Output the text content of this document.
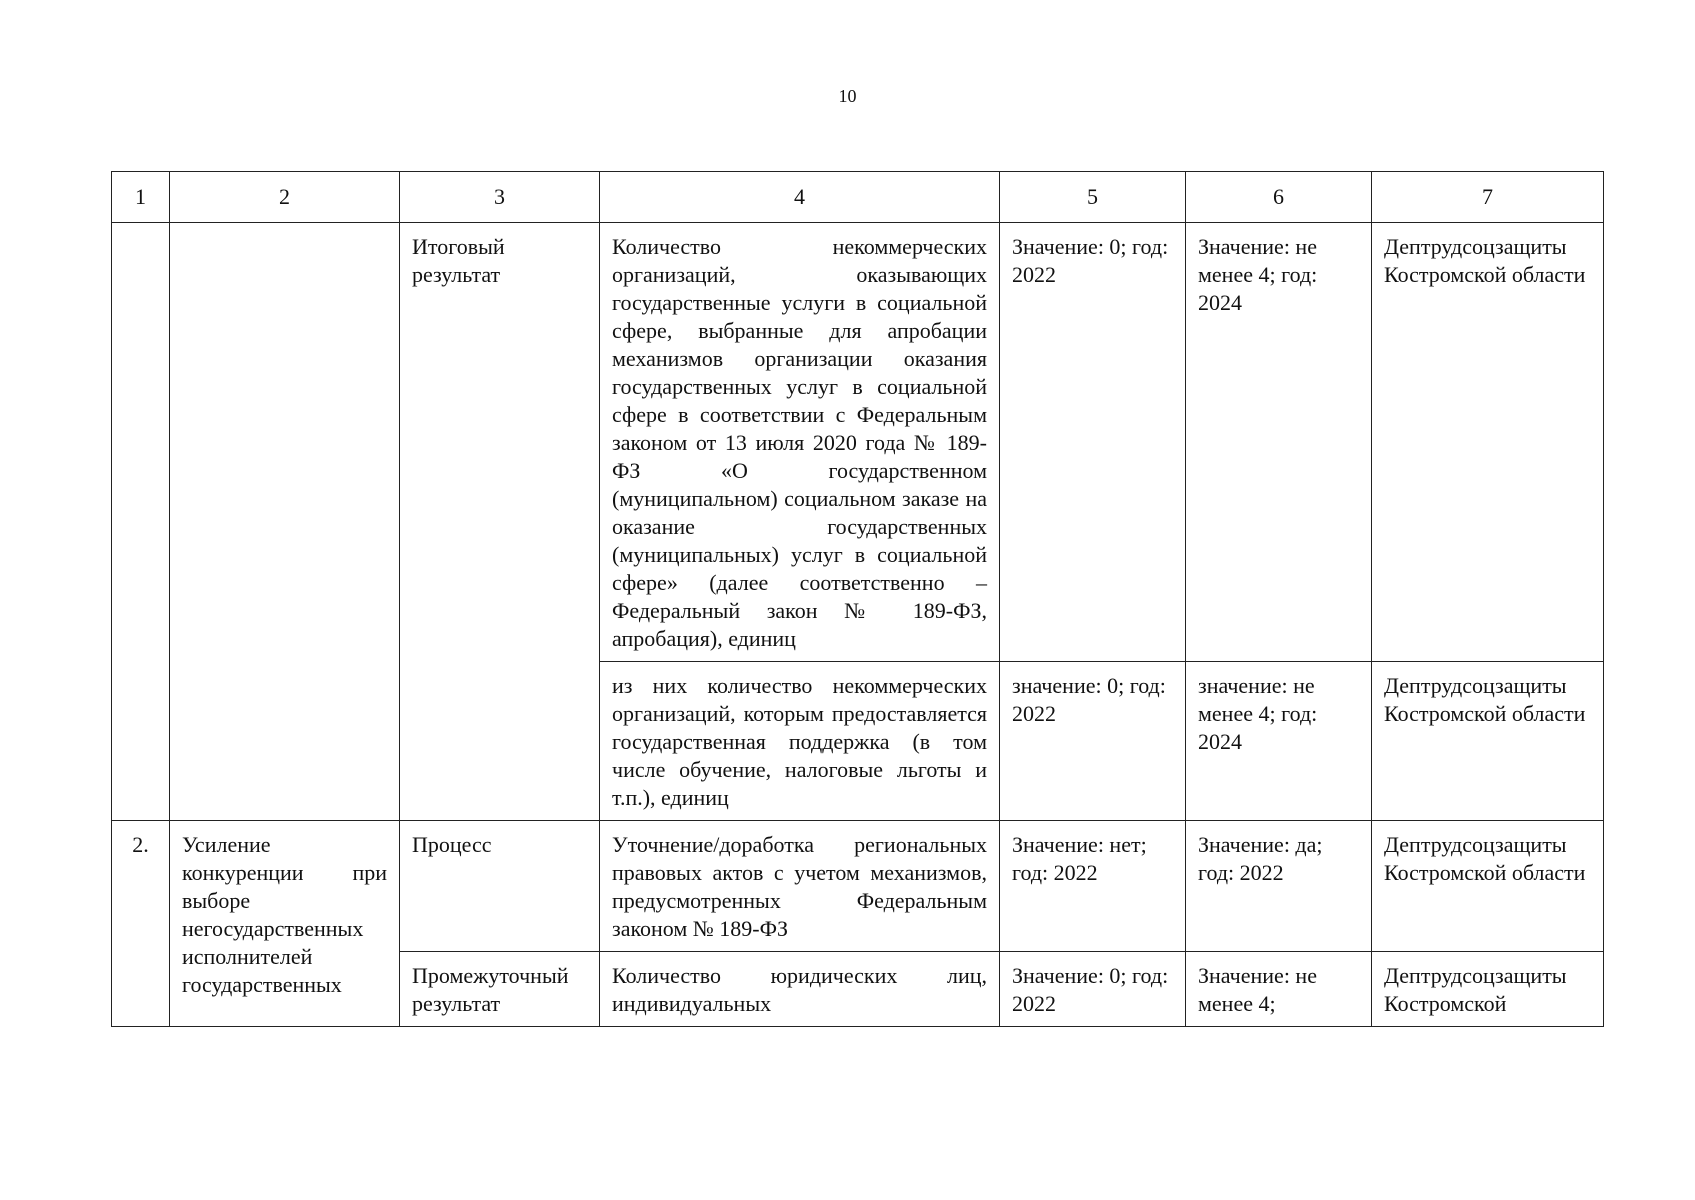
10
1	2	3	4	5	6	7
		Итоговый результат	Количество некоммерческих организаций, оказывающих государственные услуги в социальной сфере, выбранные для апробации механизмов организации оказания государственных услуг в социальной сфере в соответствии с Федеральным законом от 13 июля 2020 года № 189-ФЗ «О государственном (муниципальном) социальном заказе на оказание государственных (муниципальных) услуг в социальной сфере» (далее соответственно – Федеральный закон № 189-ФЗ, апробация), единиц	Значение: 0; год: 2022	Значение: не менее 4; год: 2024	Дептрудсоцзащиты Костромской области
			из них количество некоммерческих организаций, которым предоставляется государственная поддержка (в том числе обучение, налоговые льготы и т.п.), единиц	значение: 0; год: 2022	значение: не менее 4; год: 2024	Дептрудсоцзащиты Костромской области
2.	Усиление конкуренции при выборе негосударственных исполнителей государственных	Процесс	Уточнение/доработка региональных правовых актов с учетом механизмов, предусмотренных Федеральным законом № 189-ФЗ	Значение: нет; год: 2022	Значение: да; год: 2022	Дептрудсоцзащиты Костромской области
		Промежуточный результат	Количество юридических лиц, индивидуальных	Значение: 0; год: 2022	Значение: не менее 4;	Дептрудсоцзащиты Костромской
